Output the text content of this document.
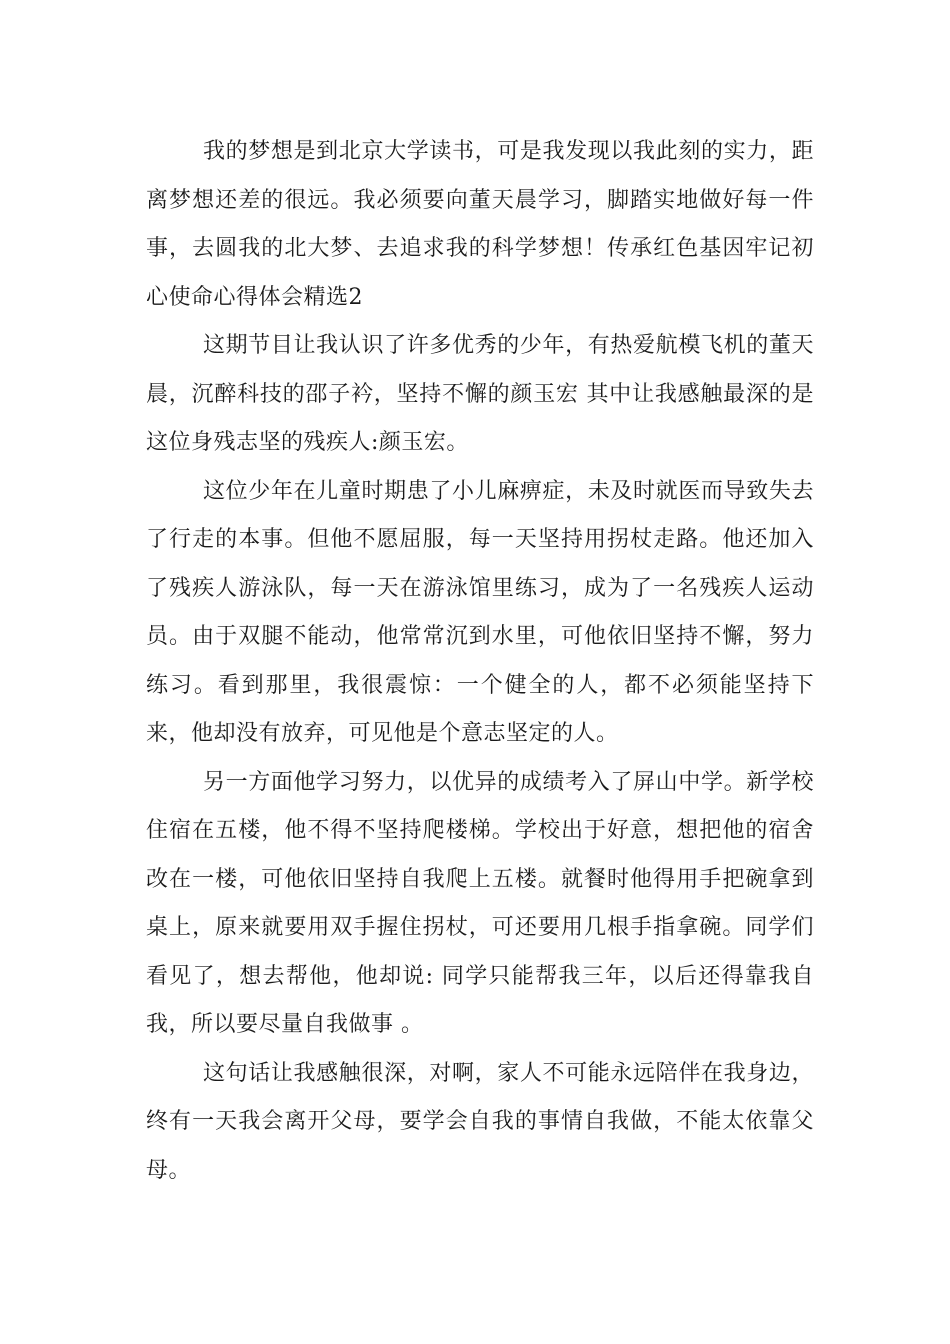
我的梦想是到北京大学读书，可是我发现以我此刻的实力，距离梦想还差的很远。我必须要向董天晨学习，脚踏实地做好每一件事，去圆我的北大梦、去追求我的科学梦想！传承红色基因牢记初心使命心得体会精选2

这期节目让我认识了许多优秀的少年，有热爱航模飞机的董天晨，沉醉科技的邵子衿，坚持不懈的颜玉宏 其中让我感触最深的是这位身残志坚的残疾人:颜玉宏。

这位少年在儿童时期患了小儿麻痹症，未及时就医而导致失去了行走的本事。但他不愿屈服，每一天坚持用拐杖走路。他还加入了残疾人游泳队，每一天在游泳馆里练习，成为了一名残疾人运动员。由于双腿不能动，他常常沉到水里，可他依旧坚持不懈，努力练习。看到那里，我很震惊：一个健全的人，都不必须能坚持下来，他却没有放弃，可见他是个意志坚定的人。

另一方面他学习努力，以优异的成绩考入了屏山中学。新学校住宿在五楼，他不得不坚持爬楼梯。学校出于好意，想把他的宿舍改在一楼，可他依旧坚持自我爬上五楼。就餐时他得用手把碗拿到桌上，原来就要用双手握住拐杖，可还要用几根手指拿碗。同学们看见了，想去帮他，他却说: 同学只能帮我三年，以后还得靠我自我，所以要尽量自我做事 。

这句话让我感触很深，对啊，家人不可能永远陪伴在我身边，终有一天我会离开父母，要学会自我的事情自我做，不能太依靠父母。
